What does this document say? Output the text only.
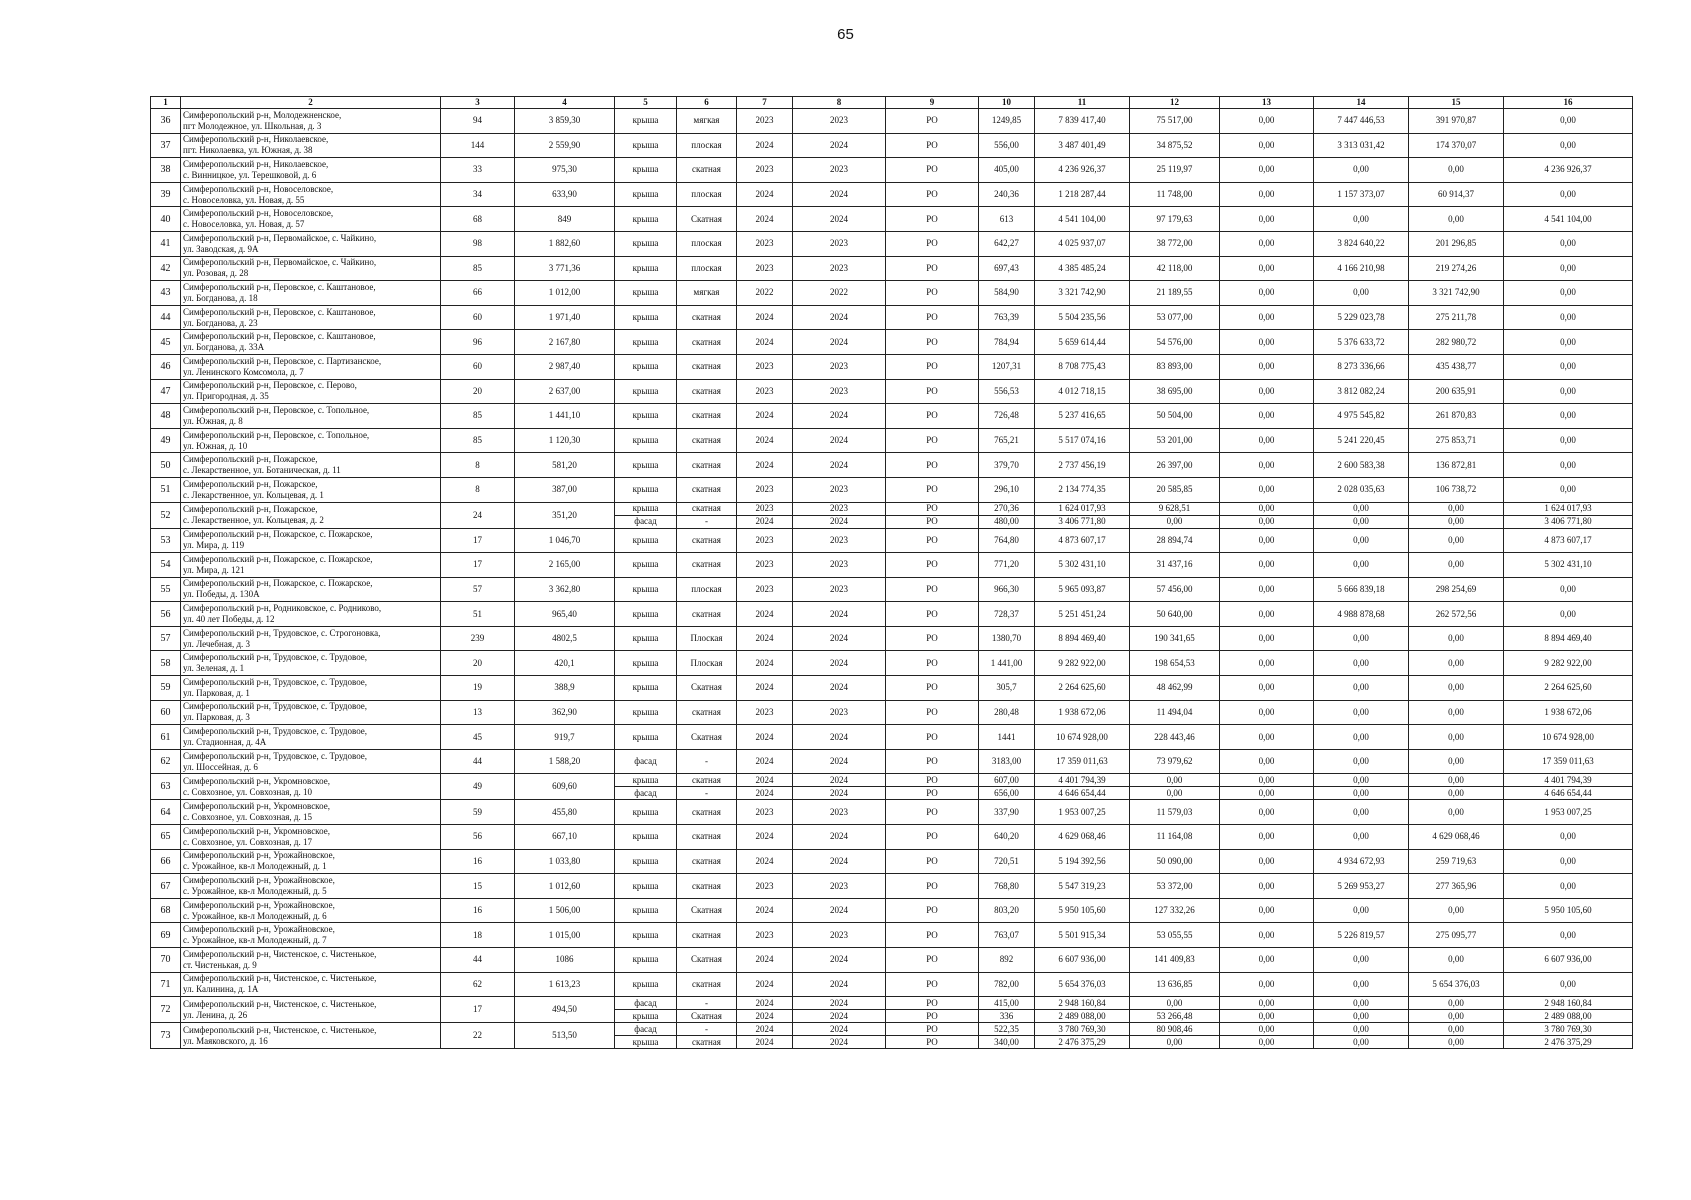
65
1	2	3	4	5	6	7	8	9	10	11	12	13	14	15	16
36	Симферопольский р-н, Молодежненское,
пгт Молодежное, ул. Школьная, д. 3	94	3 859,30	крыша	мягкая	2023	2023	РО	1249,85	7 839 417,40	75 517,00	0,00	7 447 446,53	391 970,87	0,00
37	Симферопольский р-н, Николаевское,
пгт. Николаевка, ул. Южная, д. 38	144	2 559,90	крыша	плоская	2024	2024	РО	556,00	3 487 401,49	34 875,52	0,00	3 313 031,42	174 370,07	0,00
38	Симферопольский р-н, Николаевское,
с. Винницкое, ул. Терешковой, д. 6	33	975,30	крыша	скатная	2023	2023	РО	405,00	4 236 926,37	25 119,97	0,00	0,00	0,00	4 236 926,37
39	Симферопольский р-н, Новоселовское,
с. Новоселовка, ул. Новая, д. 55	34	633,90	крыша	плоская	2024	2024	РО	240,36	1 218 287,44	11 748,00	0,00	1 157 373,07	60 914,37	0,00
40	Симферопольский р-н, Новоселовское,
с. Новоселовка, ул. Новая, д. 57	68	849	крыша	Скатная	2024	2024	РО	613	4 541 104,00	97 179,63	0,00	0,00	0,00	4 541 104,00
41	Симферопольский р-н, Первомайское, с. Чайкино,
ул. Заводская, д. 9А	98	1 882,60	крыша	плоская	2023	2023	РО	642,27	4 025 937,07	38 772,00	0,00	3 824 640,22	201 296,85	0,00
42	Симферопольский р-н, Первомайское, с. Чайкино,
ул. Розовая, д. 28	85	3 771,36	крыша	плоская	2023	2023	РО	697,43	4 385 485,24	42 118,00	0,00	4 166 210,98	219 274,26	0,00
43	Симферопольский р-н, Перовское, с. Каштановое,
ул. Богданова, д. 18	66	1 012,00	крыша	мягкая	2022	2022	РО	584,90	3 321 742,90	21 189,55	0,00	0,00	3 321 742,90	0,00
44	Симферопольский р-н, Перовское, с. Каштановое,
ул. Богданова, д. 23	60	1 971,40	крыша	скатная	2024	2024	РО	763,39	5 504 235,56	53 077,00	0,00	5 229 023,78	275 211,78	0,00
45	Симферопольский р-н, Перовское, с. Каштановое,
ул. Богданова, д. 33А	96	2 167,80	крыша	скатная	2024	2024	РО	784,94	5 659 614,44	54 576,00	0,00	5 376 633,72	282 980,72	0,00
46	Симферопольский р-н, Перовское, с. Партизанское,
ул. Ленинского Комсомола, д. 7	60	2 987,40	крыша	скатная	2023	2023	РО	1207,31	8 708 775,43	83 893,00	0,00	8 273 336,66	435 438,77	0,00
47	Симферопольский р-н, Перовское, с. Перово,
ул. Пригородная, д. 35	20	2 637,00	крыша	скатная	2023	2023	РО	556,53	4 012 718,15	38 695,00	0,00	3 812 082,24	200 635,91	0,00
48	Симферопольский р-н, Перовское, с. Топольное,
ул. Южная, д. 8	85	1 441,10	крыша	скатная	2024	2024	РО	726,48	5 237 416,65	50 504,00	0,00	4 975 545,82	261 870,83	0,00
49	Симферопольский р-н, Перовское, с. Топольное,
ул. Южная, д. 10	85	1 120,30	крыша	скатная	2024	2024	РО	765,21	5 517 074,16	53 201,00	0,00	5 241 220,45	275 853,71	0,00
50	Симферопольский р-н, Пожарское,
с. Лекарственное, ул. Ботаническая, д. 11	8	581,20	крыша	скатная	2024	2024	РО	379,70	2 737 456,19	26 397,00	0,00	2 600 583,38	136 872,81	0,00
51	Симферопольский р-н, Пожарское,
с. Лекарственное, ул. Кольцевая, д. 1	8	387,00	крыша	скатная	2023	2023	РО	296,10	2 134 774,35	20 585,85	0,00	2 028 035,63	106 738,72	0,00
52	Симферопольский р-н, Пожарское,
с. Лекарственное, ул. Кольцевая, д. 2	24	351,20	крыша	скатная	2023	2023	РО	270,36	1 624 017,93	9 628,51	0,00	0,00	0,00	1 624 017,93
				фасад	-	2024	2024	РО	480,00	3 406 771,80	0,00	0,00	0,00	0,00	3 406 771,80
53	Симферопольский р-н, Пожарское, с. Пожарское,
ул. Мира, д. 119	17	1 046,70	крыша	скатная	2023	2023	РО	764,80	4 873 607,17	28 894,74	0,00	0,00	0,00	4 873 607,17
54	Симферопольский р-н, Пожарское, с. Пожарское,
ул. Мира, д. 121	17	2 165,00	крыша	скатная	2023	2023	РО	771,20	5 302 431,10	31 437,16	0,00	0,00	0,00	5 302 431,10
55	Симферопольский р-н, Пожарское, с. Пожарское,
ул. Победы, д. 130А	57	3 362,80	крыша	плоская	2023	2023	РО	966,30	5 965 093,87	57 456,00	0,00	5 666 839,18	298 254,69	0,00
56	Симферопольский р-н, Родниковское, с. Родниково,
ул. 40 лет Победы, д. 12	51	965,40	крыша	скатная	2024	2024	РО	728,37	5 251 451,24	50 640,00	0,00	4 988 878,68	262 572,56	0,00
57	Симферопольский р-н, Трудовское, с. Строгоновка,
ул. Лечебная, д. 3	239	4802,5	крыша	Плоская	2024	2024	РО	1380,70	8 894 469,40	190 341,65	0,00	0,00	0,00	8 894 469,40
58	Симферопольский р-н, Трудовское, с. Трудовое,
ул. Зеленая, д. 1	20	420,1	крыша	Плоская	2024	2024	РО	1 441,00	9 282 922,00	198 654,53	0,00	0,00	0,00	9 282 922,00
59	Симферопольский р-н, Трудовское, с. Трудовое,
ул. Парковая, д. 1	19	388,9	крыша	Скатная	2024	2024	РО	305,7	2 264 625,60	48 462,99	0,00	0,00	0,00	2 264 625,60
60	Симферопольский р-н, Трудовское, с. Трудовое,
ул. Парковая, д. 3	13	362,90	крыша	скатная	2023	2023	РО	280,48	1 938 672,06	11 494,04	0,00	0,00	0,00	1 938 672,06
61	Симферопольский р-н, Трудовское, с. Трудовое,
ул. Стадионная, д. 4А	45	919,7	крыша	Скатная	2024	2024	РО	1441	10 674 928,00	228 443,46	0,00	0,00	0,00	10 674 928,00
62	Симферопольский р-н, Трудовское, с. Трудовое,
ул. Шоссейная, д. 6	44	1 588,20	фасад	-	2024	2024	РО	3183,00	17 359 011,63	73 979,62	0,00	0,00	0,00	17 359 011,63
63	Симферопольский р-н, Укромновское,
с. Совхозное, ул. Совхозная, д. 10	49	609,60	крыша	скатная	2024	2024	РО	607,00	4 401 794,39	0,00	0,00	0,00	0,00	4 401 794,39
				фасад	-	2024	2024	РО	656,00	4 646 654,44	0,00	0,00	0,00	0,00	4 646 654,44
64	Симферопольский р-н, Укромновское,
с. Совхозное, ул. Совхозная, д. 15	59	455,80	крыша	скатная	2023	2023	РО	337,90	1 953 007,25	11 579,03	0,00	0,00	0,00	1 953 007,25
65	Симферопольский р-н, Укромновское,
с. Совхозное, ул. Совхозная, д. 17	56	667,10	крыша	скатная	2024	2024	РО	640,20	4 629 068,46	11 164,08	0,00	0,00	4 629 068,46	0,00
66	Симферопольский р-н, Урожайновское,
с. Урожайное, кв-л Молодежный, д. 1	16	1 033,80	крыша	скатная	2024	2024	РО	720,51	5 194 392,56	50 090,00	0,00	4 934 672,93	259 719,63	0,00
67	Симферопольский р-н, Урожайновское,
с. Урожайное, кв-л Молодежный, д. 5	15	1 012,60	крыша	скатная	2023	2023	РО	768,80	5 547 319,23	53 372,00	0,00	5 269 953,27	277 365,96	0,00
68	Симферопольский р-н, Урожайновское,
с. Урожайное, кв-л Молодежный, д. 6	16	1 506,00	крыша	Скатная	2024	2024	РО	803,20	5 950 105,60	127 332,26	0,00	0,00	0,00	5 950 105,60
69	Симферопольский р-н, Урожайновское,
с. Урожайное, кв-л Молодежный, д. 7	18	1 015,00	крыша	скатная	2023	2023	РО	763,07	5 501 915,34	53 055,55	0,00	5 226 819,57	275 095,77	0,00
70	Симферопольский р-н, Чистенское, с. Чистенькое,
ст. Чистенькая, д. 9	44	1086	крыша	Скатная	2024	2024	РО	892	6 607 936,00	141 409,83	0,00	0,00	0,00	6 607 936,00
71	Симферопольский р-н, Чистенское, с. Чистенькое,
ул. Калинина, д. 1А	62	1 613,23	крыша	скатная	2024	2024	РО	782,00	5 654 376,03	13 636,85	0,00	0,00	5 654 376,03	0,00
72	Симферопольский р-н, Чистенское, с. Чистенькое,
ул. Ленина, д. 26	17	494,50	фасад	-	2024	2024	РО	415,00	2 948 160,84	0,00	0,00	0,00	0,00	2 948 160,84
				крыша	Скатная	2024	2024	РО	336	2 489 088,00	53 266,48	0,00	0,00	0,00	2 489 088,00
73	Симферопольский р-н, Чистенское, с. Чистенькое,
ул. Маяковского, д. 16	22	513,50	фасад	-	2024	2024	РО	522,35	3 780 769,30	80 908,46	0,00	0,00	0,00	3 780 769,30
				крыша	скатная	2024	2024	РО	340,00	2 476 375,29	0,00	0,00	0,00	0,00	2 476 375,29
